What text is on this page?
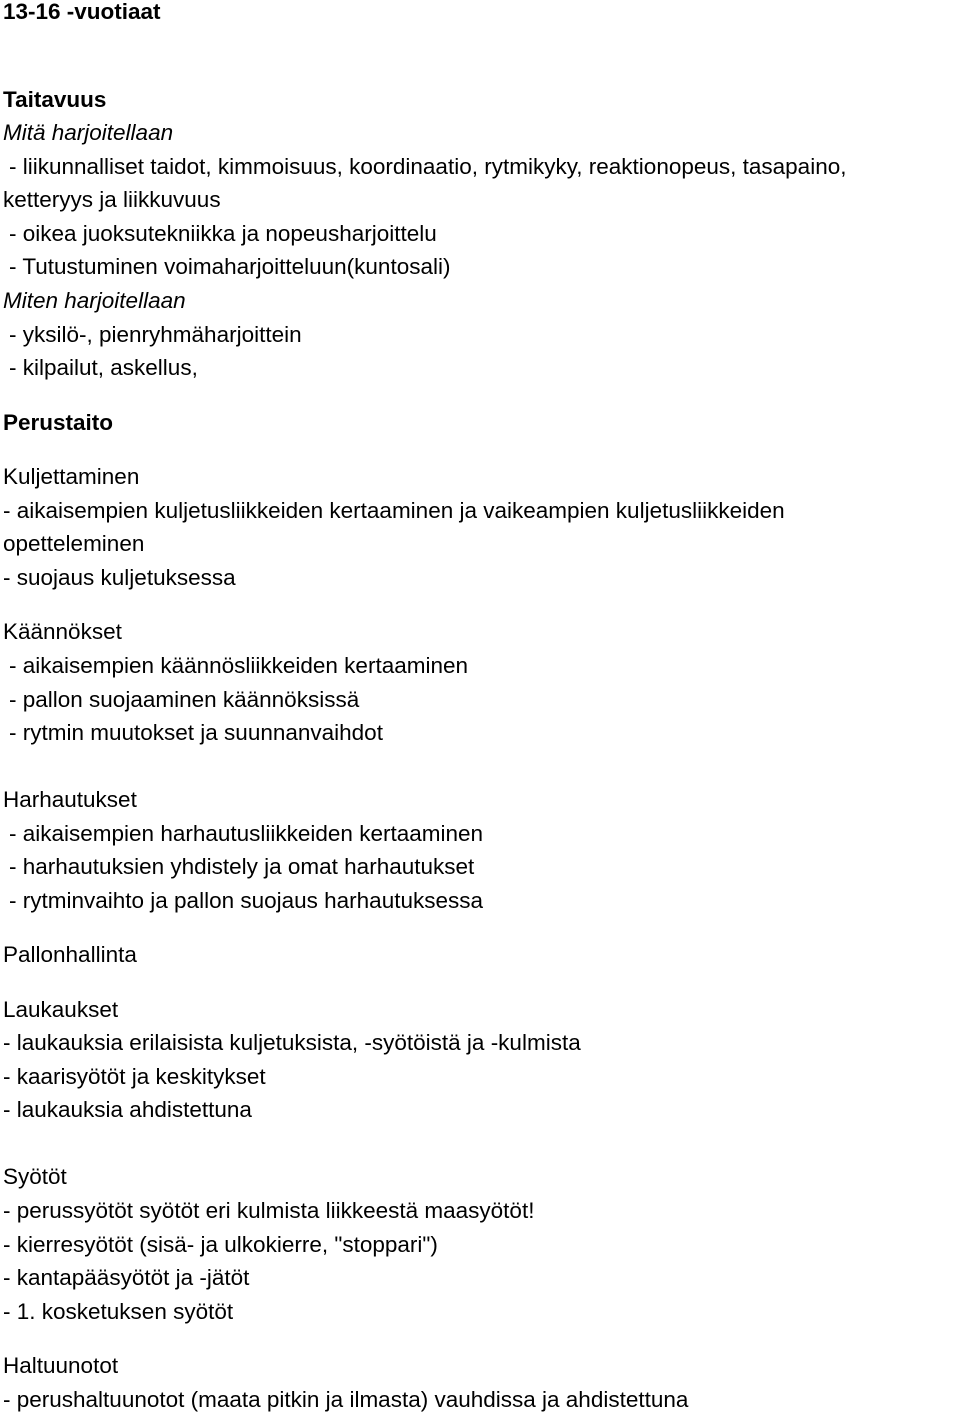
13-16 -vuotiaat
Taitavuus
Mitä harjoitellaan
- liikunnalliset taidot, kimmoisuus, koordinaatio, rytmikyky, reaktionopeus, tasapaino,
ketteryys ja liikkuvuus
- oikea juoksutekniikka ja nopeusharjoittelu
- Tutustuminen voimaharjoitteluun(kuntosali)
Miten harjoitellaan
- yksilö-, pienryhmäharjoittein
- kilpailut, askellus,
Perustaito
Kuljettaminen
- aikaisempien kuljetusliikkeiden kertaaminen ja vaikeampien kuljetusliikkeiden
opetteleminen
- suojaus kuljetuksessa
Käännökset
- aikaisempien käännösliikkeiden kertaaminen
- pallon suojaaminen käännöksissä
- rytmin muutokset ja suunnanvaihdot
Harhautukset
- aikaisempien harhautusliikkeiden kertaaminen
- harhautuksien yhdistely ja omat harhautukset
- rytminvaihto ja pallon suojaus harhautuksessa
Pallonhallinta
Laukaukset
- laukauksia erilaisista kuljetuksista, -syötöistä ja -kulmista
- kaarisyötöt ja keskitykset
- laukauksia ahdistettuna
Syötöt
- perussyötöt syötöt eri kulmista liikkeestä maasyötöt!
- kierresyötöt (sisä- ja ulkokierre, "stoppari")
- kantapääsyötöt ja -jätöt
- 1. kosketuksen syötöt
Haltuunotot
- perushaltuunotot (maata pitkin ja ilmasta) vauhdissa ja ahdistettuna
